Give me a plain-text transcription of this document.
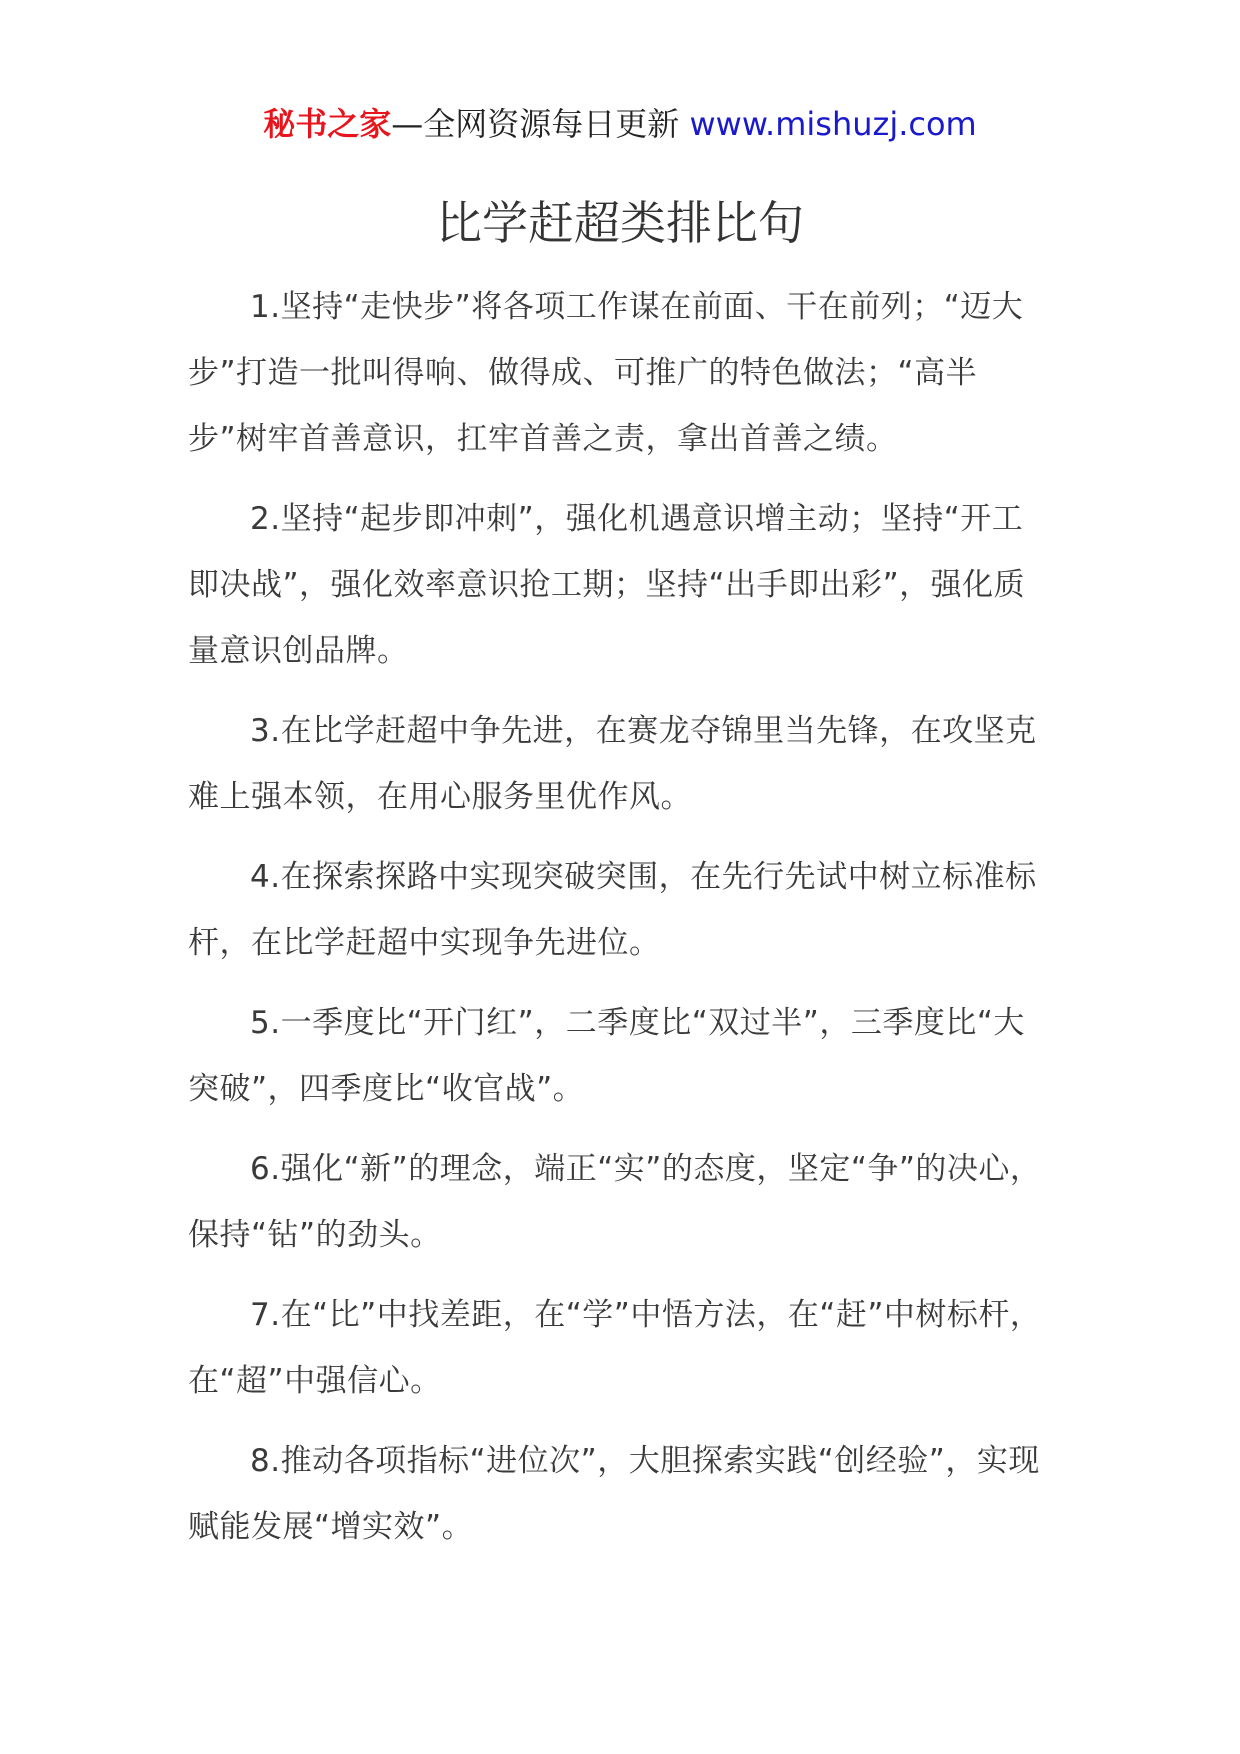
秘书之家—全网资源每日更新 www.mishuzj.com
比学赶超类排比句

1.坚持“走快步”将各项工作谋在前面、干在前列；“迈大步”打造一批叫得响、做得成、可推广的特色做法；“高半步”树牢首善意识，扛牢首善之责，拿出首善之绩。

2.坚持“起步即冲刺”，强化机遇意识增主动；坚持“开工即决战”，强化效率意识抢工期；坚持“出手即出彩”，强化质量意识创品牌。

3.在比学赶超中争先进，在赛龙夺锦里当先锋，在攻坚克难上强本领，在用心服务里优作风。

4.在探索探路中实现突破突围，在先行先试中树立标准标杆，在比学赶超中实现争先进位。

5.一季度比“开门红”，二季度比“双过半”，三季度比“大突破”，四季度比“收官战”。

6.强化“新”的理念，端正“实”的态度，坚定“争”的决心，保持“钻”的劲头。

7.在“比”中找差距，在“学”中悟方法，在“赶”中树标杆，在“超”中强信心。

8.推动各项指标“进位次”，大胆探索实践“创经验”，实现赋能发展“增实效”。
